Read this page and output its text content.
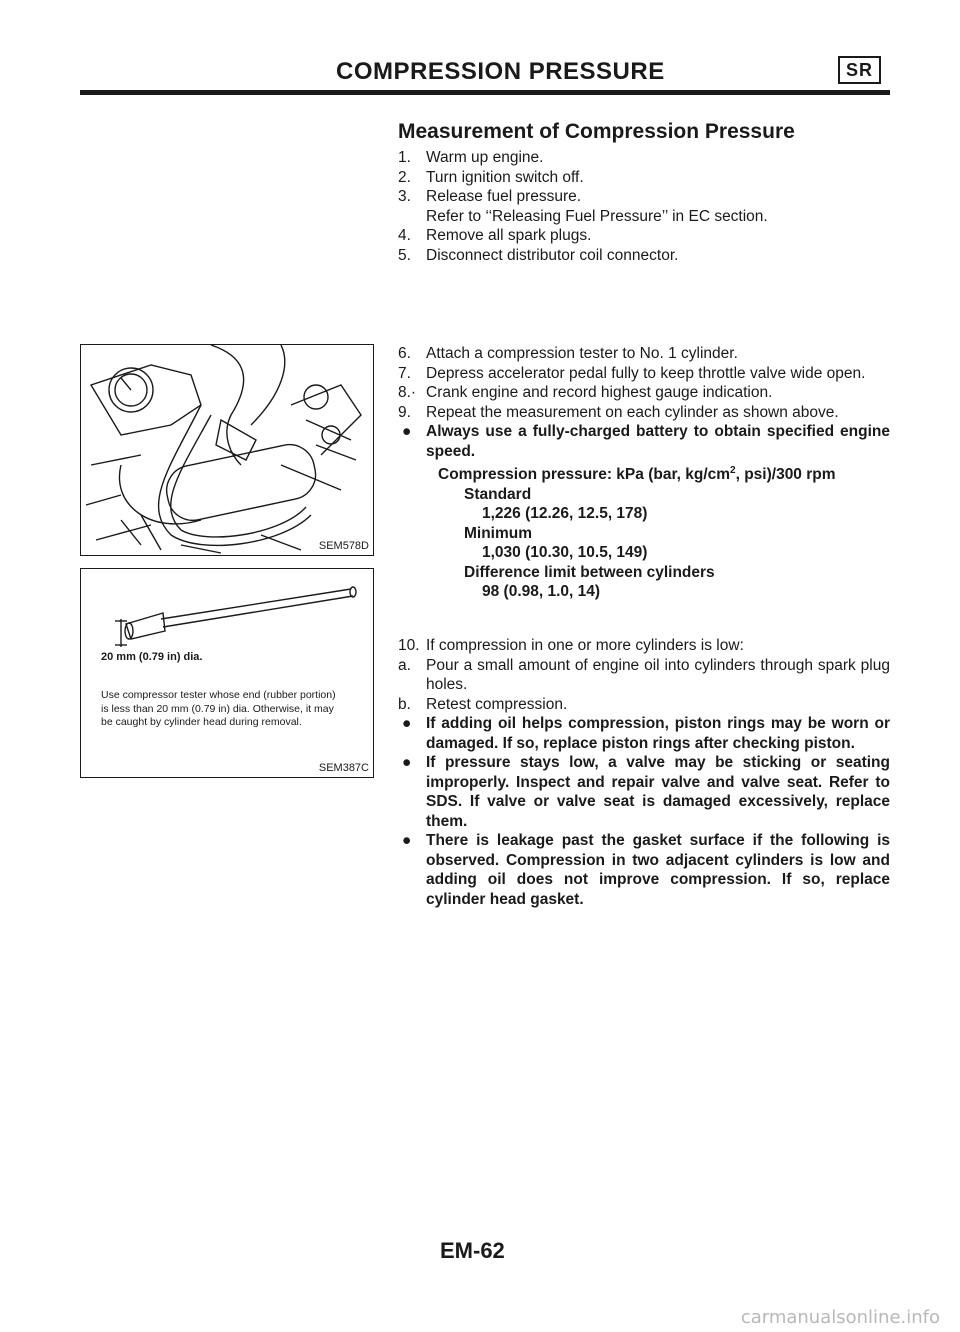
COMPRESSION PRESSURE	SR
Measurement of Compression Pressure
1. Warm up engine.
2. Turn ignition switch off.
3. Release fuel pressure.
Refer to ‘‘Releasing Fuel Pressure’’ in EC section.
4. Remove all spark plugs.
5. Disconnect distributor coil connector.
6. Attach a compression tester to No. 1 cylinder.
7. Depress accelerator pedal fully to keep throttle valve wide open.
8.· Crank engine and record highest gauge indication.
9. Repeat the measurement on each cylinder as shown above.
● Always use a fully-charged battery to obtain specified engine speed.
Compression pressure: kPa (bar, $kg/cm^2$, psi)/300 rpm
Standard
1,226 (12.26, 12.5, 178)
Minimum
1,030 (10.30, 10.5, 149)
Difference limit between cylinders
98 (0.98, 1.0, 14)
10. If compression in one or more cylinders is low:
a. Pour a small amount of engine oil into cylinders through spark plug holes.
b. Retest compression.
● If adding oil helps compression, piston rings may be worn or damaged. If so, replace piston rings after checking piston.
● If pressure stays low, a valve may be sticking or seating improperly. Inspect and repair valve and valve seat. Refer to SDS. If valve or valve seat is damaged excessively, replace them.
● There is leakage past the gasket surface if the following is observed. Compression in two adjacent cylinders is low and adding oil does not improve compression. If so, replace cylinder head gasket.
SEM578D
20 mm (0.79 in) dia.
Use compressor tester whose end (rubber portion) is less than 20 mm (0.79 in) dia. Otherwise, it may be caught by cylinder head during removal.
SEM387C
EM-62
carmanualsonline.info
